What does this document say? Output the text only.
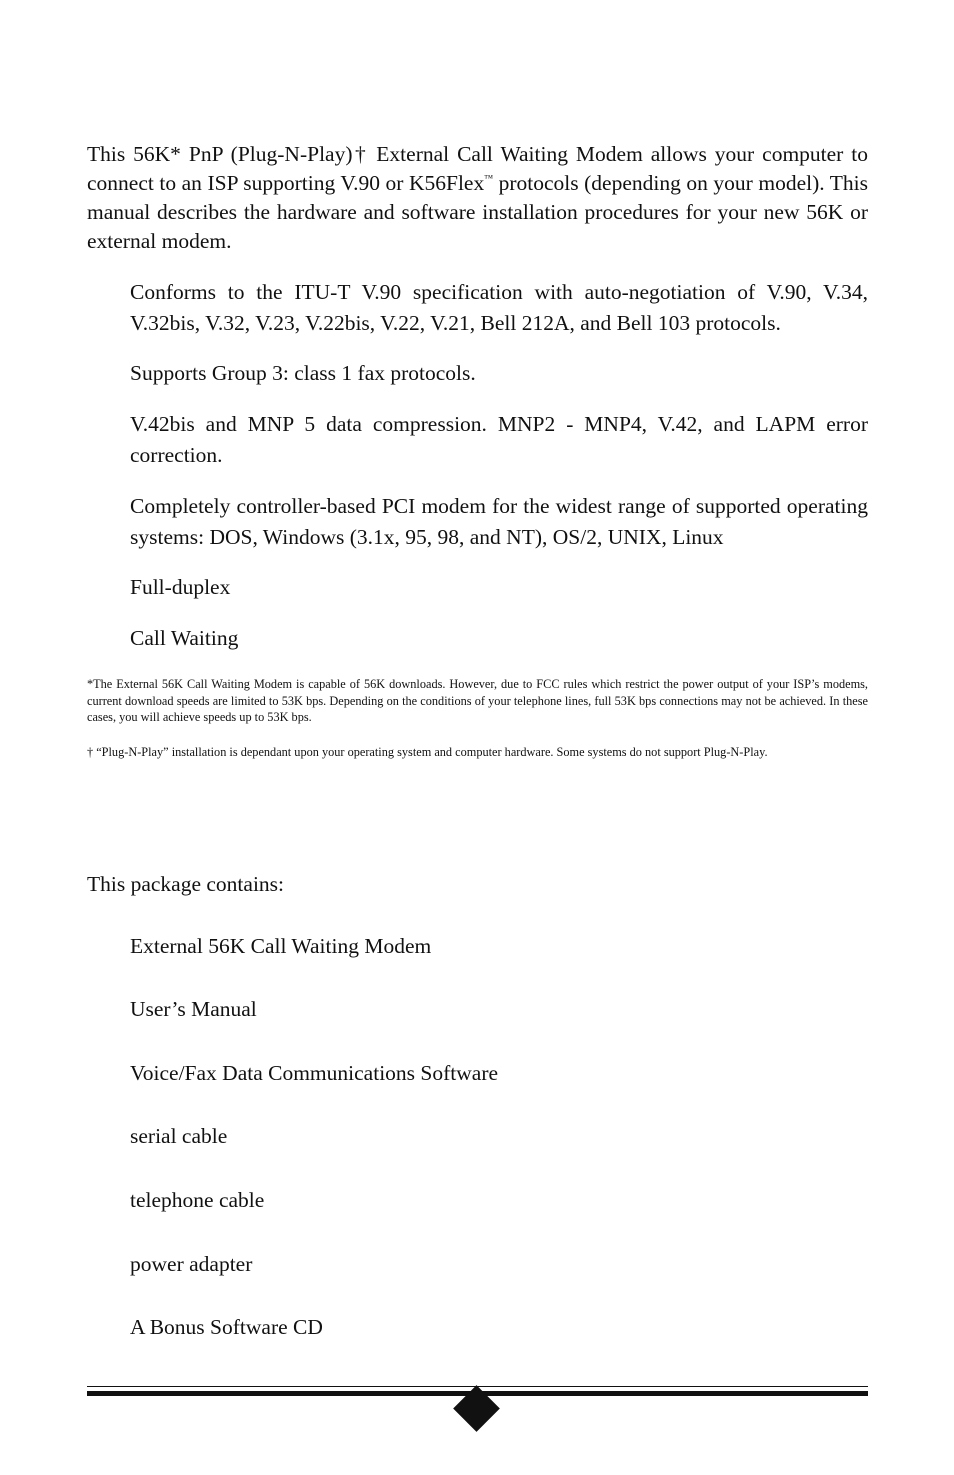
This 56K* PnP (Plug-N-Play)† External Call Waiting Modem allows your computer to connect to an ISP supporting V.90 or K56Flex™ protocols (depending on your model). This manual describes the hardware and software installation procedures for your new 56K or external modem.

Conforms to the ITU-T V.90 specification with auto-negotiation of V.90, V.34, V.32bis, V.32, V.23, V.22bis, V.22, V.21, Bell 212A, and Bell 103 protocols.

Supports Group 3: class 1 fax protocols.

V.42bis and MNP 5 data compression. MNP2 - MNP4, V.42, and LAPM error correction.

Completely controller-based PCI modem for the widest range of supported operating systems: DOS, Windows (3.1x, 95, 98, and NT), OS/2, UNIX, Linux

Full-duplex

Call Waiting

*The External 56K Call Waiting Modem is capable of 56K downloads. However, due to FCC rules which restrict the power output of your ISP’s modems, current download speeds are limited to 53K bps. Depending on the conditions of your telephone lines, full 53K bps connections may not be achieved. In these cases, you will achieve speeds up to 53K bps.

† “Plug-N-Play” installation is dependant upon your operating system and computer hardware. Some systems do not support Plug-N-Play.

This package contains:

External 56K Call Waiting Modem

User’s Manual

Voice/Fax Data Communications Software

serial cable

telephone cable

power adapter

A Bonus Software CD
